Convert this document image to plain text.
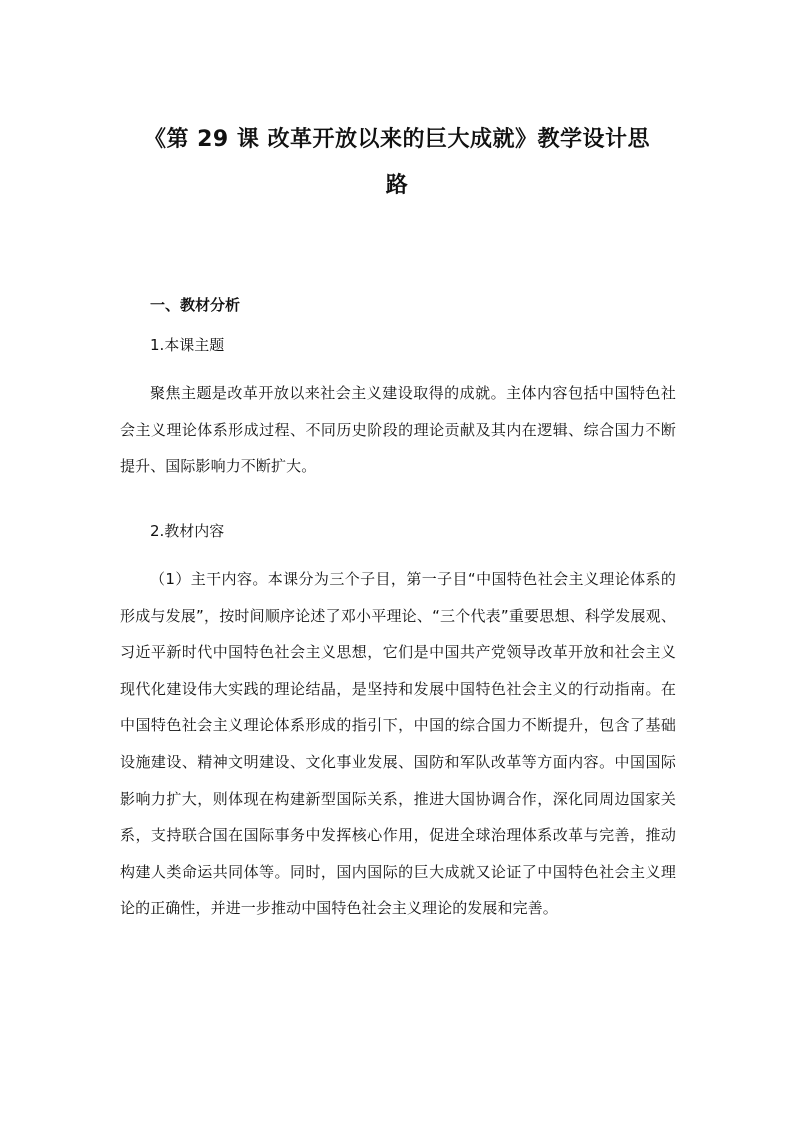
《第 29 课 改革开放以来的巨大成就》教学设计思
路
一、教材分析
1.本课主题

聚焦主题是改革开放以来社会主义建设取得的成就。主体内容包括中国特色社会主义理论体系形成过程、不同历史阶段的理论贡献及其内在逻辑、综合国力不断提升、国际影响力不断扩大。

2.教材内容

（1）主干内容。本课分为三个子目，第一子目“中国特色社会主义理论体系的形成与发展”，按时间顺序论述了邓小平理论、“三个代表”重要思想、科学发展观、习近平新时代中国特色社会主义思想，它们是中国共产党领导改革开放和社会主义现代化建设伟大实践的理论结晶，是坚持和发展中国特色社会主义的行动指南。在中国特色社会主义理论体系形成的指引下，中国的综合国力不断提升，包含了基础设施建设、精神文明建设、文化事业发展、国防和军队改革等方面内容。中国国际影响力扩大，则体现在构建新型国际关系，推进大国协调合作，深化同周边国家关系，支持联合国在国际事务中发挥核心作用，促进全球治理体系改革与完善，推动构建人类命运共同体等。同时，国内国际的巨大成就又论证了中国特色社会主义理论的正确性，并进一步推动中国特色社会主义理论的发展和完善。
